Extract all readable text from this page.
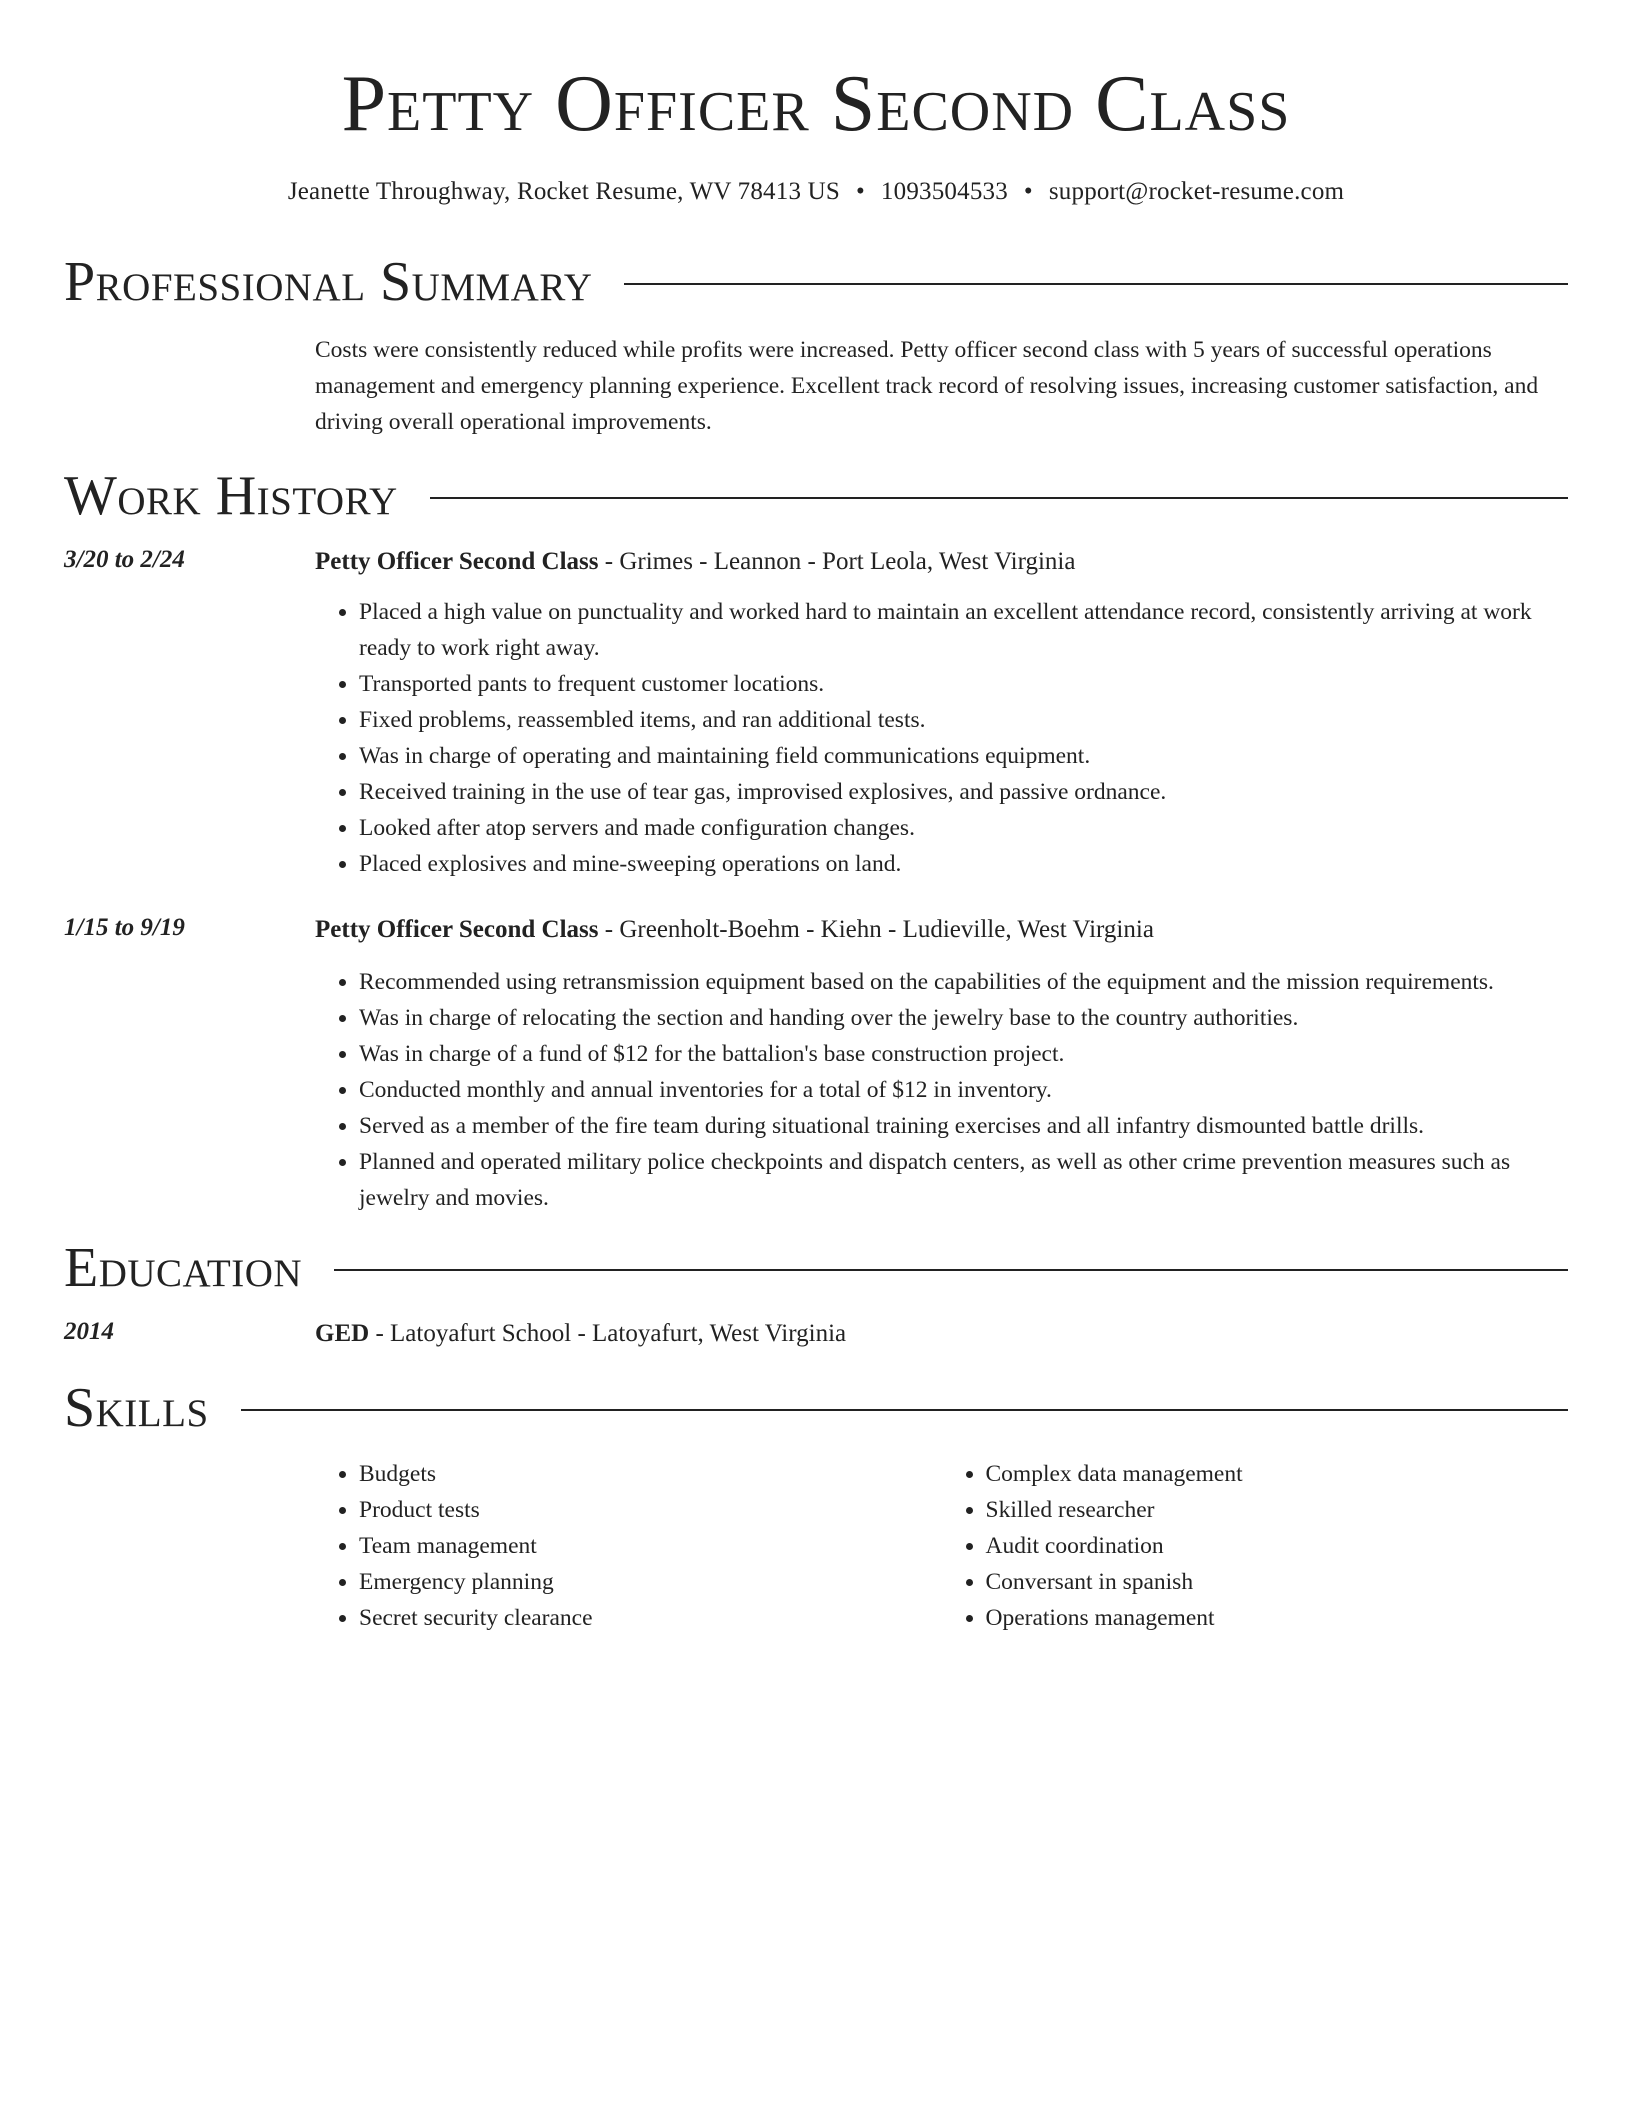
Petty Officer Second Class
Jeanette Throughway, Rocket Resume, WV 78413 US • 1093504533 • support@rocket-resume.com
Professional Summary
Costs were consistently reduced while profits were increased. Petty officer second class with 5 years of successful operations management and emergency planning experience. Excellent track record of resolving issues, increasing customer satisfaction, and driving overall operational improvements.
Work History
3/20 to 2/24	Petty Officer Second Class - Grimes - Leannon - Port Leola, West Virginia
• Placed a high value on punctuality and worked hard to maintain an excellent attendance record, consistently arriving at work ready to work right away.
• Transported pants to frequent customer locations.
• Fixed problems, reassembled items, and ran additional tests.
• Was in charge of operating and maintaining field communications equipment.
• Received training in the use of tear gas, improvised explosives, and passive ordnance.
• Looked after atop servers and made configuration changes.
• Placed explosives and mine-sweeping operations on land.
1/15 to 9/19	Petty Officer Second Class - Greenholt-Boehm - Kiehn - Ludieville, West Virginia
• Recommended using retransmission equipment based on the capabilities of the equipment and the mission requirements.
• Was in charge of relocating the section and handing over the jewelry base to the country authorities.
• Was in charge of a fund of $12 for the battalion's base construction project.
• Conducted monthly and annual inventories for a total of $12 in inventory.
• Served as a member of the fire team during situational training exercises and all infantry dismounted battle drills.
• Planned and operated military police checkpoints and dispatch centers, as well as other crime prevention measures such as jewelry and movies.
Education
2014	GED - Latoyafurt School - Latoyafurt, West Virginia
Skills
• Budgets
• Product tests
• Team management
• Emergency planning
• Secret security clearance
• Complex data management
• Skilled researcher
• Audit coordination
• Conversant in spanish
• Operations management
